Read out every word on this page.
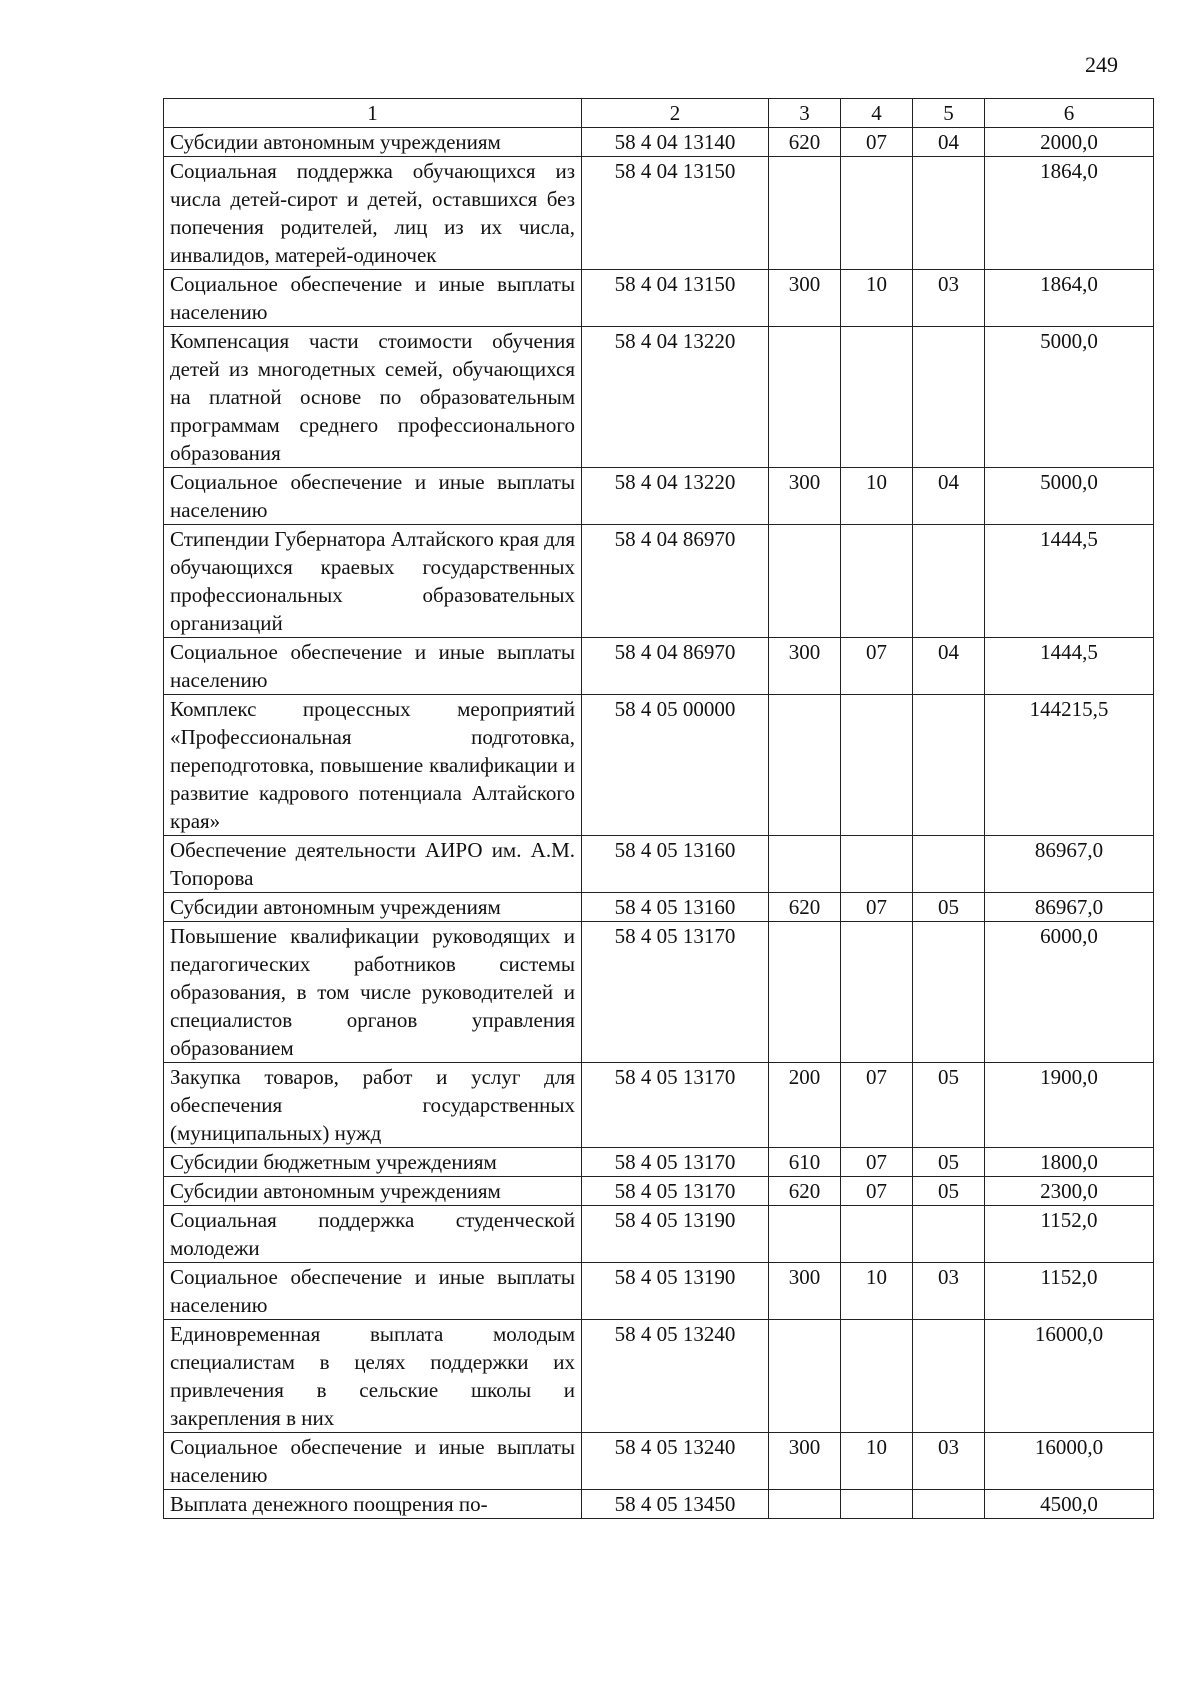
249
1	2	3	4	5	6
Субсидии автономным учреждениям	58 4 04 13140	620	07	04	2000,0
Социальная поддержка обучающихся из числа детей-сирот и детей, оставшихся без попечения родителей, лиц из их числа, инвалидов, матерей-одиночек	58 4 04 13150				1864,0
Социальное обеспечение и иные выплаты населению	58 4 04 13150	300	10	03	1864,0
Компенсация части стоимости обучения детей из многодетных семей, обучающихся на платной основе по образовательным программам среднего профессионального образования	58 4 04 13220				5000,0
Социальное обеспечение и иные выплаты населению	58 4 04 13220	300	10	04	5000,0
Стипендии Губернатора Алтайского края для обучающихся краевых государственных профессиональных образовательных организаций	58 4 04 86970				1444,5
Социальное обеспечение и иные выплаты населению	58 4 04 86970	300	07	04	1444,5
Комплекс процессных мероприятий «Профессиональная подготовка, переподготовка, повышение квалификации и развитие кадрового потенциала Алтайского края»	58 4 05 00000				144215,5
Обеспечение деятельности АИРО им. А.М. Топорова	58 4 05 13160				86967,0
Субсидии автономным учреждениям	58 4 05 13160	620	07	05	86967,0
Повышение квалификации руководящих и педагогических работников системы образования, в том числе руководителей и специалистов органов управления образованием	58 4 05 13170				6000,0
Закупка товаров, работ и услуг для обеспечения государственных (муниципальных) нужд	58 4 05 13170	200	07	05	1900,0
Субсидии бюджетным учреждениям	58 4 05 13170	610	07	05	1800,0
Субсидии автономным учреждениям	58 4 05 13170	620	07	05	2300,0
Социальная поддержка студенческой молодежи	58 4 05 13190				1152,0
Социальное обеспечение и иные выплаты населению	58 4 05 13190	300	10	03	1152,0
Единовременная выплата молодым специалистам в целях поддержки их привлечения в сельские школы и закрепления в них	58 4 05 13240				16000,0
Социальное обеспечение и иные выплаты населению	58 4 05 13240	300	10	03	16000,0
Выплата денежного поощрения по-	58 4 05 13450				4500,0
